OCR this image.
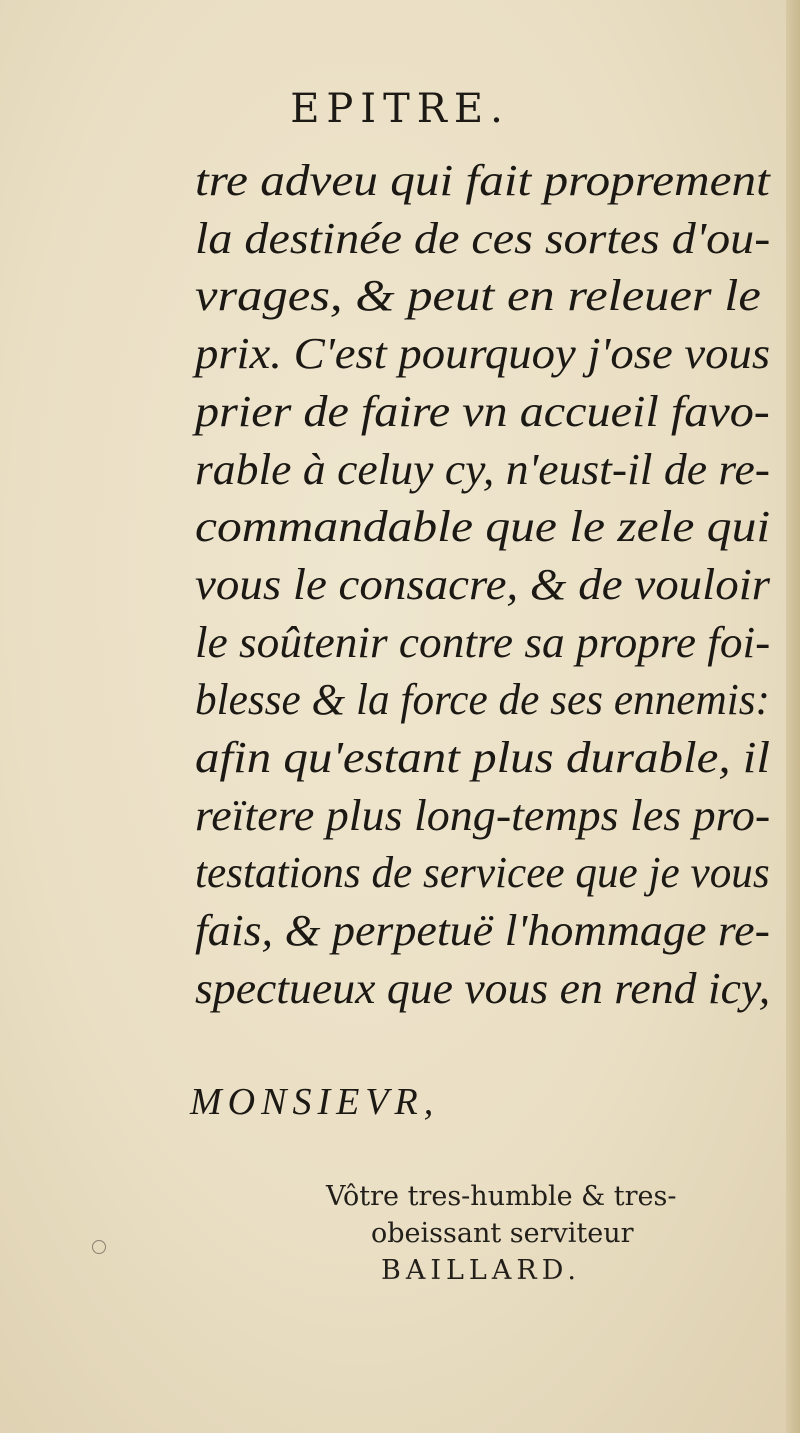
EPITRE.
tre adveu qui fait proprement
la destinée de ces sortes d'ou-
vrages, & peut en releuer le
prix. C'est pourquoy j'ose vous
prier de faire vn accueil favo-
rable à celuy cy, n'eust-il de re-
commandable que le zele qui
vous le consacre, & de vouloir
le soûtenir contre sa propre foi-
blesse & la force de ses ennemis:
afin qu'estant plus durable, il
reïtere plus long-temps les pro-
testations de servicee que je vous
fais, & perpetuë l'hommage re-
spectueux que vous en rend icy,
MONSIEVR,
Vôtre tres-humble & tres-
obeissant serviteur
BAILLARD.
